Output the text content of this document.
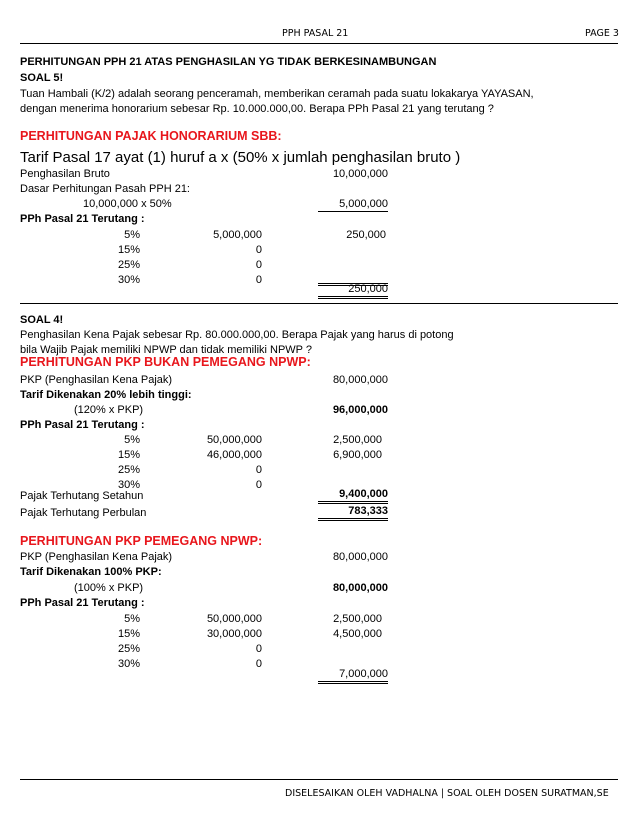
PPH PASAL 21	PAGE 3
PERHITUNGAN PPH 21 ATAS PENGHASILAN YG TIDAK BERKESINAMBUNGAN
SOAL 5!
Tuan Hambali (K/2) adalah seorang penceramah, memberikan ceramah pada suatu lokakarya YAYASAN,
dengan menerima honorarium sebesar Rp. 10.000.000,00. Berapa PPh Pasal 21 yang terutang ?
PERHITUNGAN PAJAK HONORARIUM SBB:
Tarif Pasal 17 ayat (1) huruf a x (50% x jumlah penghasilan bruto )
Penghasilan Bruto	10,000,000
Dasar Perhitungan Pasah PPH 21:
10,000,000 x 50%	5,000,000
PPh Pasal 21 Terutang :
5%	5,000,000	250,000
15%	0
25%	0
30%	0
250,000
SOAL 4!
Penghasilan Kena Pajak sebesar Rp. 80.000.000,00. Berapa Pajak yang harus di potong
bila Wajib Pajak memiliki NPWP dan tidak memiliki NPWP ?
PERHITUNGAN PKP BUKAN PEMEGANG NPWP:
PKP (Penghasilan Kena Pajak)	80,000,000
Tarif Dikenakan 20% lebih tinggi:
(120% x PKP)	96,000,000
PPh Pasal 21 Terutang :
5%	50,000,000	2,500,000
15%	46,000,000	6,900,000
25%	0
30%	0
Pajak Terhutang Setahun	9,400,000
Pajak Terhutang Perbulan	783,333
PERHITUNGAN PKP PEMEGANG NPWP:
PKP (Penghasilan Kena Pajak)	80,000,000
Tarif Dikenakan 100% PKP:
(100% x PKP)	80,000,000
PPh Pasal 21 Terutang :
5%	50,000,000	2,500,000
15%	30,000,000	4,500,000
25%	0
30%	0
7,000,000
DISELESAIKAN OLEH VADHALNA | SOAL OLEH DOSEN SURATMAN,SE
